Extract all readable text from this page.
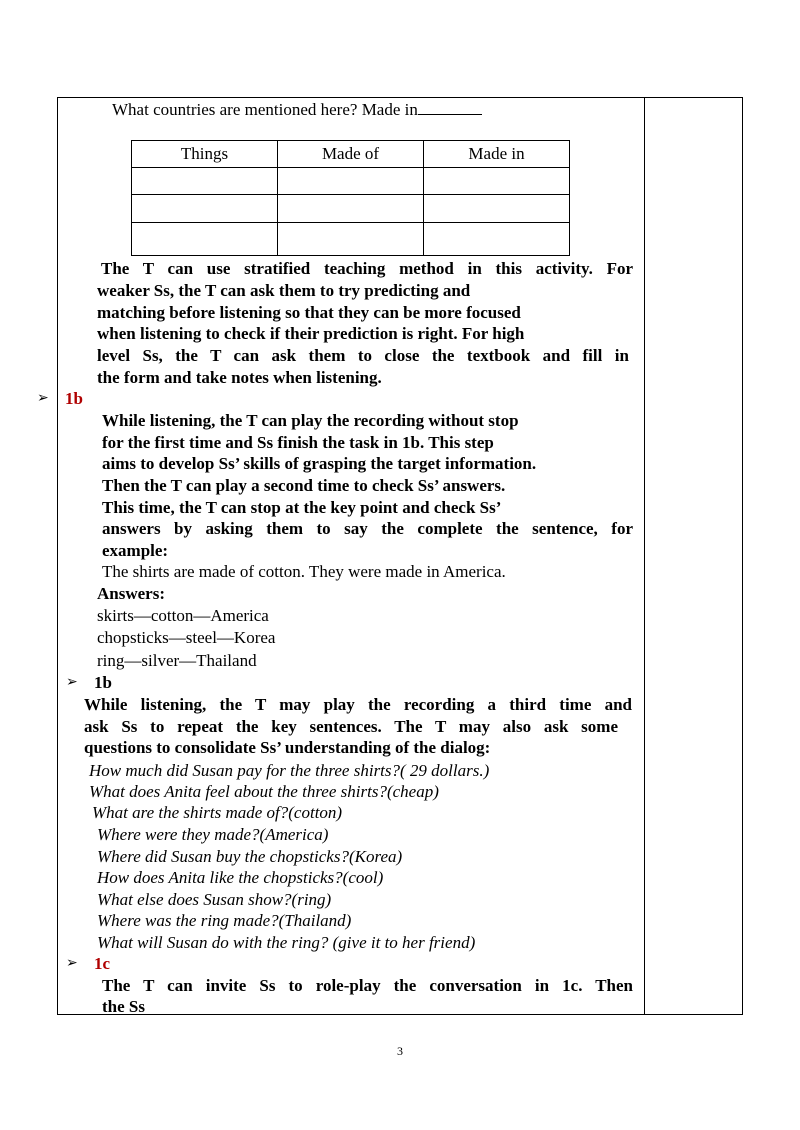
What countries are mentioned here? Made in
Things	Made of	Made in

The T can use stratified teaching method in this activity. For
weaker Ss, the T can ask them to try predicting and
matching before listening so that they can be more focused
when listening to check if their prediction is right. For high
level Ss, the T can ask them to close the textbook and fill in
the form and take notes when listening.
➢ 1b
While listening, the T can play the recording without stop
for the first time and Ss finish the task in 1b. This step
aims to develop Ss’ skills of grasping the target information.
Then the T can play a second time to check Ss’ answers.
This time, the T can stop at the key point and check Ss’
answers by asking them to say the complete the sentence, for
example:
The shirts are made of cotton. They were made in America.
Answers:
skirts—cotton—America
chopsticks—steel—Korea
ring—silver—Thailand
➢ 1b
While listening, the T may play the recording a third time and
ask Ss to repeat the key sentences. The T may also ask some
questions to consolidate Ss’ understanding of the dialog:
How much did Susan pay for the three shirts?( 29 dollars.)
What does Anita feel about the three shirts?(cheap)
What are the shirts made of?(cotton)
Where were they made?(America)
Where did Susan buy the chopsticks?(Korea)
How does Anita like the chopsticks?(cool)
What else does Susan show?(ring)
Where was the ring made?(Thailand)
What will Susan do with the ring? (give it to her friend)
➢ 1c
The T can invite Ss to role-play the conversation in 1c. Then
the Ss
3
